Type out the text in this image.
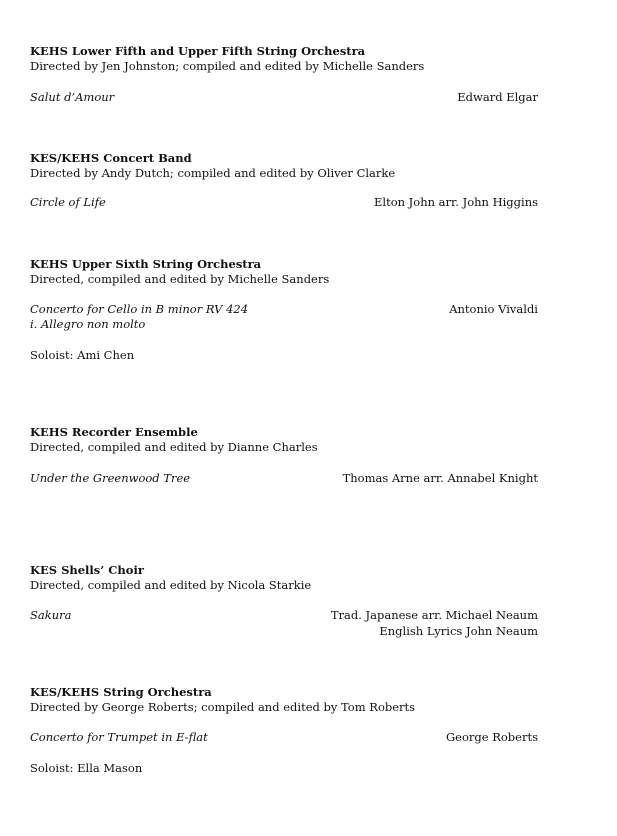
KEHS Lower Fifth and Upper Fifth String Orchestra
Directed by Jen Johnston; compiled and edited by Michelle Sanders
Salut d’Amour	Edward Elgar
KES/KEHS Concert Band
Directed by Andy Dutch; compiled and edited by Oliver Clarke
Circle of Life	Elton John arr. John Higgins
KEHS Upper Sixth String Orchestra
Directed, compiled and edited by Michelle Sanders
Concerto for Cello in B minor RV 424	Antonio Vivaldi
i. Allegro non molto
Soloist: Ami Chen
KEHS Recorder Ensemble
Directed, compiled and edited by Dianne Charles
Under the Greenwood Tree	Thomas Arne arr. Annabel Knight
KES Shells’ Choir
Directed, compiled and edited by Nicola Starkie
Sakura	Trad. Japanese arr. Michael Neaum
English Lyrics John Neaum
KES/KEHS String Orchestra
Directed by George Roberts; compiled and edited by Tom Roberts
Concerto for Trumpet in E-flat	George Roberts
Soloist: Ella Mason
